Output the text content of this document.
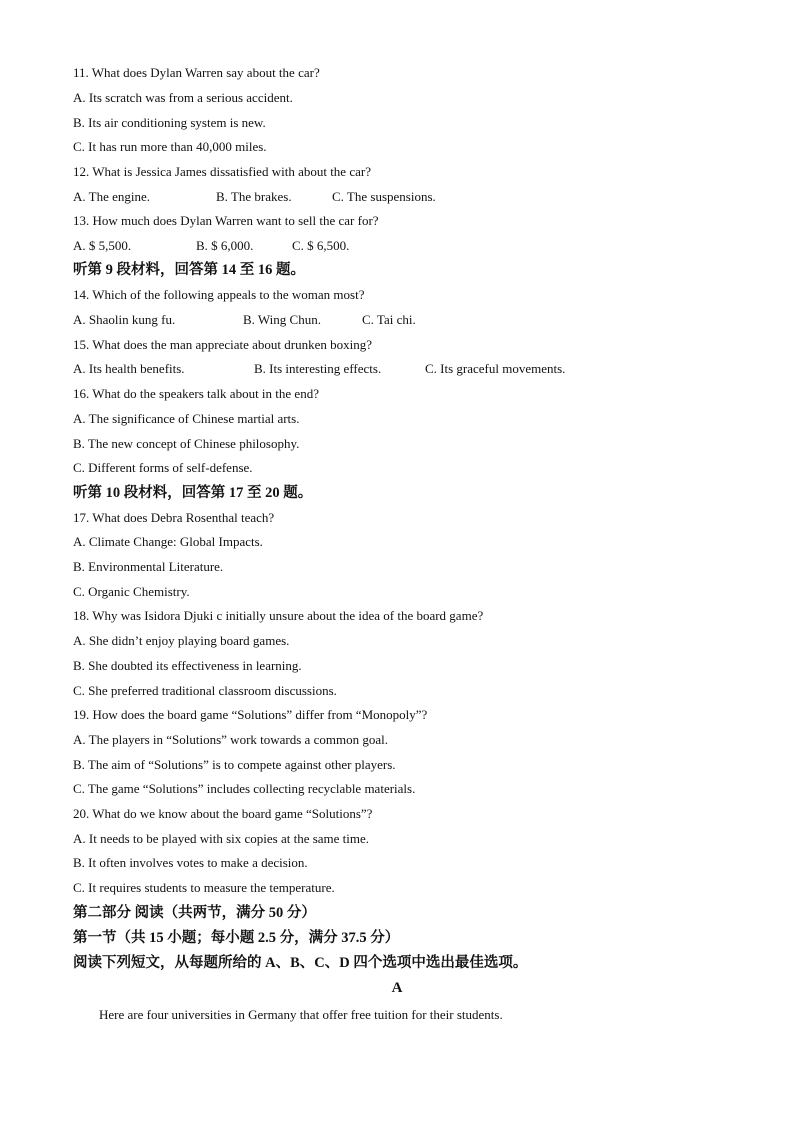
11. What does Dylan Warren say about the car?
A. Its scratch was from a serious accident.
B. Its air conditioning system is new.
C. It has run more than 40,000 miles.
12. What is Jessica James dissatisfied with about the car?
A. The engine.	B. The brakes.	C. The suspensions.
13. How much does Dylan Warren want to sell the car for?
A. $ 5,500.	B. $ 6,000.	C. $ 6,500.
听第 9 段材料，回答第 14 至 16 题。
14. Which of the following appeals to the woman most?
A. Shaolin kung fu.	B. Wing Chun.	C. Tai chi.
15. What does the man appreciate about drunken boxing?
A. Its health benefits.	B. Its interesting effects.	C. Its graceful movements.
16. What do the speakers talk about in the end?
A. The significance of Chinese martial arts.
B. The new concept of Chinese philosophy.
C. Different forms of self-defense.
听第 10 段材料，回答第 17 至 20 题。
17. What does Debra Rosenthal teach?
A. Climate Change: Global Impacts.
B. Environmental Literature.
C. Organic Chemistry.
18. Why was Isidora Djuki c initially unsure about the idea of the board game?
A. She didn’t enjoy playing board games.
B. She doubted its effectiveness in learning.
C. She preferred traditional classroom discussions.
19. How does the board game “Solutions” differ from “Monopoly”?
A. The players in “Solutions” work towards a common goal.
B. The aim of “Solutions” is to compete against other players.
C. The game “Solutions” includes collecting recyclable materials.
20. What do we know about the board game “Solutions”?
A. It needs to be played with six copies at the same time.
B. It often involves votes to make a decision.
C. It requires students to measure the temperature.
第二部分 阅读（共两节，满分 50 分）
第一节（共 15 小题；每小题 2.5 分，满分 37.5 分）
阅读下列短文，从每题所给的 A、B、C、D 四个选项中选出最佳选项。
A
Here are four universities in Germany that offer free tuition for their students.
